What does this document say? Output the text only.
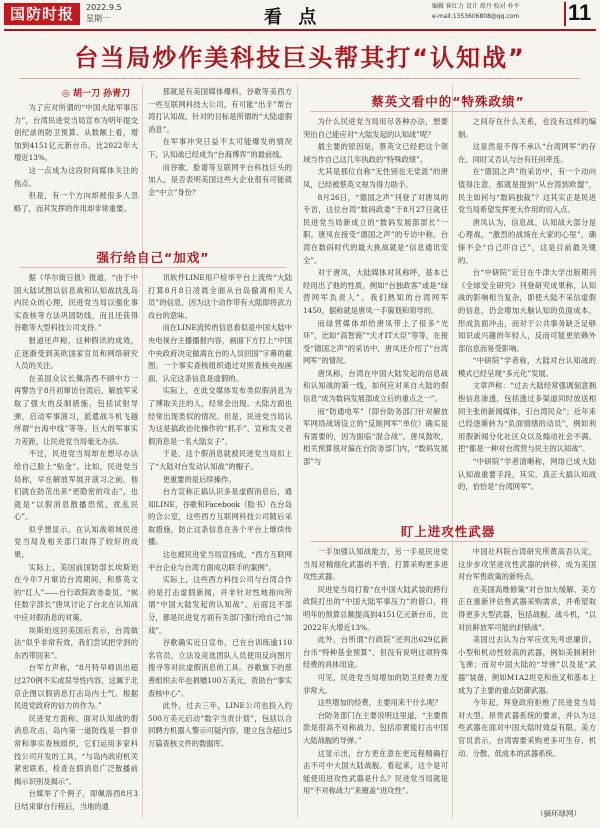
国防时报	2022.9.5
星期一	看 点
编辑 崔红力 设计 琼丹 校对 朴平
e-mail:1353606808@qq.com	11
台当局炒作美科技巨头帮其打“认知战”
◎ 胡一刀 孙青刀

为了应对所谓的“中国大陆军事压力”，台湾民进党当局宣布为明年提交创纪录的防卫预算。从数额上看，增加到4151亿元新台币，比2022年大增近13%。

这一点成为这段时间媒体关注的焦点。

但是，有一个方向却被很多人忽略了，而其发挥的作用却非常重要。

那就是有美国媒体爆料，谷歌等美西方一些互联网科技大公司，有可能“出手”帮台湾打认知战，针对的目标是所谓的“大陆虚假消息”。

在军事冲突日益不太可能爆发的情况下，认知战已经成为“台海博弈”的最前线。

而谷歌、脸谱等互联网平台科技巨头的加入，是否表明美国这些大企业很有可能就会“中立”身份？

强行给自己“加戏”

据《华尔街日报》报道，“由于中国大陆试图以信息战和认知战扰乱岛内民众的心理，民进党当局以强化事实查核等方法巩固防线，而且还获得谷歌等大型科技公司支持。”

报道还声称，这种假讯的成效，正逐渐受到美欧国家官员和网络研究人员的关注。

在美国众议长佩洛西不顾中方一再警告于8月初窜访台湾后，解放军采取了强大的反制措施，包括试射导弹，启动军事演习，派遣战斗机飞越所谓“台海中线”等等。巨大的军事实力差距，让民进党当局毫无办法。

不过，民进党当局却在想尽办法给自己脸上“贴金”。比如，民进党当局称，早在解放军展开演习之前，他们就在防范出来“更隐密的攻击”，也就是“以假消息散播恐慌、扰乱民心”。

似乎想显示，在认知战领域民进党当局及相关部门取得了较好的成果。

实际上，美国前国防部长埃斯珀在今年7月窜访台湾期间，和蔡英文的“红人”——台行政院政务委员、“候任数字部长”唐凤讨论了台北在认知战中应对假消息的对策。

埃斯珀返回美国后表示，台湾做法“似乎非常有效，我们尝试把学到的东西带回来”。

台军方声称，“8月特早师训出超过270例不实或误导性内容，这属于北京企图以假消息打击岛内士气、根据民进党政府的信力的作为。”

民进党方面称，面对认知战的假消息攻击，岛内第一道防线是一群非常和事实查核组织，它们运用多家科技公司开发的工具，“与岛内政府机关紧密联系，检查在假消息广泛散播前揭示识别及揭示”。

台媒举了个例子，即佩洛西8月3日结束窜台行程后，当地的通

讯软件LINE用户检举平台上流传“大陆打算8月8日凌晨全面从台岛撤离相关人员”的信息，因为这个动作带有大陆即将武力攻台的意味。

而在LINE流传的信息看似是中国大陆中央电视台主播播报内容，画面下方打上“中国中央政府决定撤离在台的人员回国”字幕的截图。一个事实查核组织通过对照查核央视画面，认定这条信息是虚假的。

实际上，在此交媒体发布类似假消息为了博取关注的人，经常会出现。大陆方面也经常出现类似的情况。但是，民进党当局认为这是搞政治化操作的“抓手”，宣称发文者假消息是一名大陆女子”。

于是，这个假消息就被民进党当局扣上了“大陆对台发动认知战”的帽子。

更重要的是后续操作。

台方宣称正搞认识多是虚假消息后，通知LINE，谷歌和Facebook（脸书）在台岛的合公室，这些西方互联网科技公司随后采取措施，防止这条信息在各个平台上继续传播。

这也被民进党当局宣扬成，“西方互联网平台企业与台湾方面成功联手的案例”。

实际上，这些西方科技公司与台湾合作的是打击虚假新闻，并非针对性地指向所谓“中国大陆发起的认知战”。后面这不部分，都是民进党方面有关部门强行给自己“加戏”。

谷歌确实近日宣布，已在台训练逾110名官员、立法及竞选团队人员使用反向图片搜寻等对抗虚假消息的工具。谷歌旗下的慈善组织去年也捐赠100万美元，资助台“事实查核中心”。

此外，过去三年，LINE公司也投入约500万美元启动“数字当责计划”，包括以合同聘方机器人警示可疑内容，建立包含超过5万篇查核文件的数据库。

蔡英文看中的“特殊政绩”

为什么民进党当局用尽各种办法，想要突出自己能应对“大陆发起的认知战”呢？

最主要的原因是，蔡英文已经把这个领域当作自己这几年执政的“特殊政绩”。

尤其是那位自称“无性别也无党派”的唐凤，已经被蔡英文视为得力助手。

8月26日，“德国之声”刊登了对唐凤的专访，这位台湾“数码政委”于8月27日就任民进党当局新成立的“数码发展部部长”一职。唐凤在接受“德国之声”的专访中称，台湾在数码时代的最大挑战就是“信息通讯安全”。

对于唐凤，大陆媒体对其称呼，基本已经用出了他的性质，例如“台独政客”或是“绿营网军负责人”。我们熟知的台湾网军1450，据称就是唐凤一手策划和领导的。

而绿营媒体却给唐凤带上了很多“光环”，比如“高智商”“天才IT大臣”等等，在接受“德国之声”的采访中，唐凤还介绍了“台湾网军”的情况。

唐凤称，台湾在中国大陆发起的信息战和认知战的第一线，如何应对来自大陆的假信息“成为数码发展部成立后的重点之一”。

而“防通电军”（即台防务部门针对解放军网络战场设立的“反制网军”单位）确实是有需要的，因为面临“混合战”。唐凤鼓吹，相关预算很对偏在台防务部门内，“数码发展部”与

之间存在什么关系，也没有这样的编制。

这显然是不得不承认“台湾网军”的存在，同时又否认与台有任何牵连。

在“德国之声”的采访中，有一个动向值得注意，那就是提到“从台湾到欧盟”，民主如何与“数码独裁”？这其实正是民进党当局希望发挥更大作用的切入点。

唐凤认为，信息战、认知战大部分是心理战，“激烈的战场在大家的心里”，确保不会“自己吓自己”，这是目前最关键的。

台“中研院”近日在牛津大学出版期刊《全球安全研究》刊登研究成果称，认知战的影响相当复杂，即使大陆不采信虚假的信息，仍会增加大脑认知的负面成本，形成负面冲击，而对于公共事务缺乏足够知识或兴趣的年轻人，反而可能更依赖外部信息而易受影响。

“中研院”学者称，大陆对台认知战的模式已经呈现“多元化”发展。

文章声称：“过去大陆经常强调刻意拥抱信息渗透，包括透过多渠道同时放送相同主张的新闻媒体，引台湾民众”；近年来已经逐渐转为“负面情绪的动员”，例如利用假新闻分化社区众以及煽动社会不满，把“都是一种对台湾营与民主的认知战”。

“中研院”学者清晰称，网络已成大陆认知战重要手段，其实，真正大搞认知战的，恰恰是“台湾网军”。

盯上进攻性武器

一手加强认知战能力，另一手是民进党当局对精细化武器的不惜，打算采购更多进攻性武器。

民进党当局打着“在中国大陆武装的跨行政院打出的“中国大陆军事压力”的借口，将明年的预算总额提高到4151亿元新台币，比2022年大增近13%。

此外，台所谓“行政院”还列出629亿新台币“特种基金预算”，但没有说明这项特殊经费的具体用途。

可见，民进党当局增加的防卫经费力度非常大。

这些增加的经费，主要用来干什么呢？

台防务部门在主要说明这里道，“主要拨款是很高不对称战力，包括添置能打击中国大陆战舰的导弹。”

这显示出，台方更在意在更远程精确打击不可中大国大陆战舰。看起来，这个是可能使用进攻性武器是什么？民进党当局就是用“不对称战力”来掩盖“进攻性”。

中国社科院台湾研究所黄高吾认定，这步步攻坚进攻性武器的转移，成为美国对台军售政策的新特点。

在美国高维修策“对台加大缓解、美方正在重新评估售武器采购需求，并希望取得更多大型武器，包括战舰、战斗机，“以对抗鲜放军可能的封锁战”。

美国过去认为台军应优先考虑廉价、小型和机动性较高的武器，例如美制刺针飞弹；而对中国大陆的“导弹”以及是“武器”装备，例如M1A2坦克和鱼叉和基本上成为了主要的重点防御武器。

今年起，拜登政府拒绝了民进党当局对大型、昂贵武器系统的要求，并认为这些武器在面对中国大陆时效益有限。美方官员表示，台湾需要采购更多可生存、机动、分散、低成本的武器系统。

（摘环球网）
